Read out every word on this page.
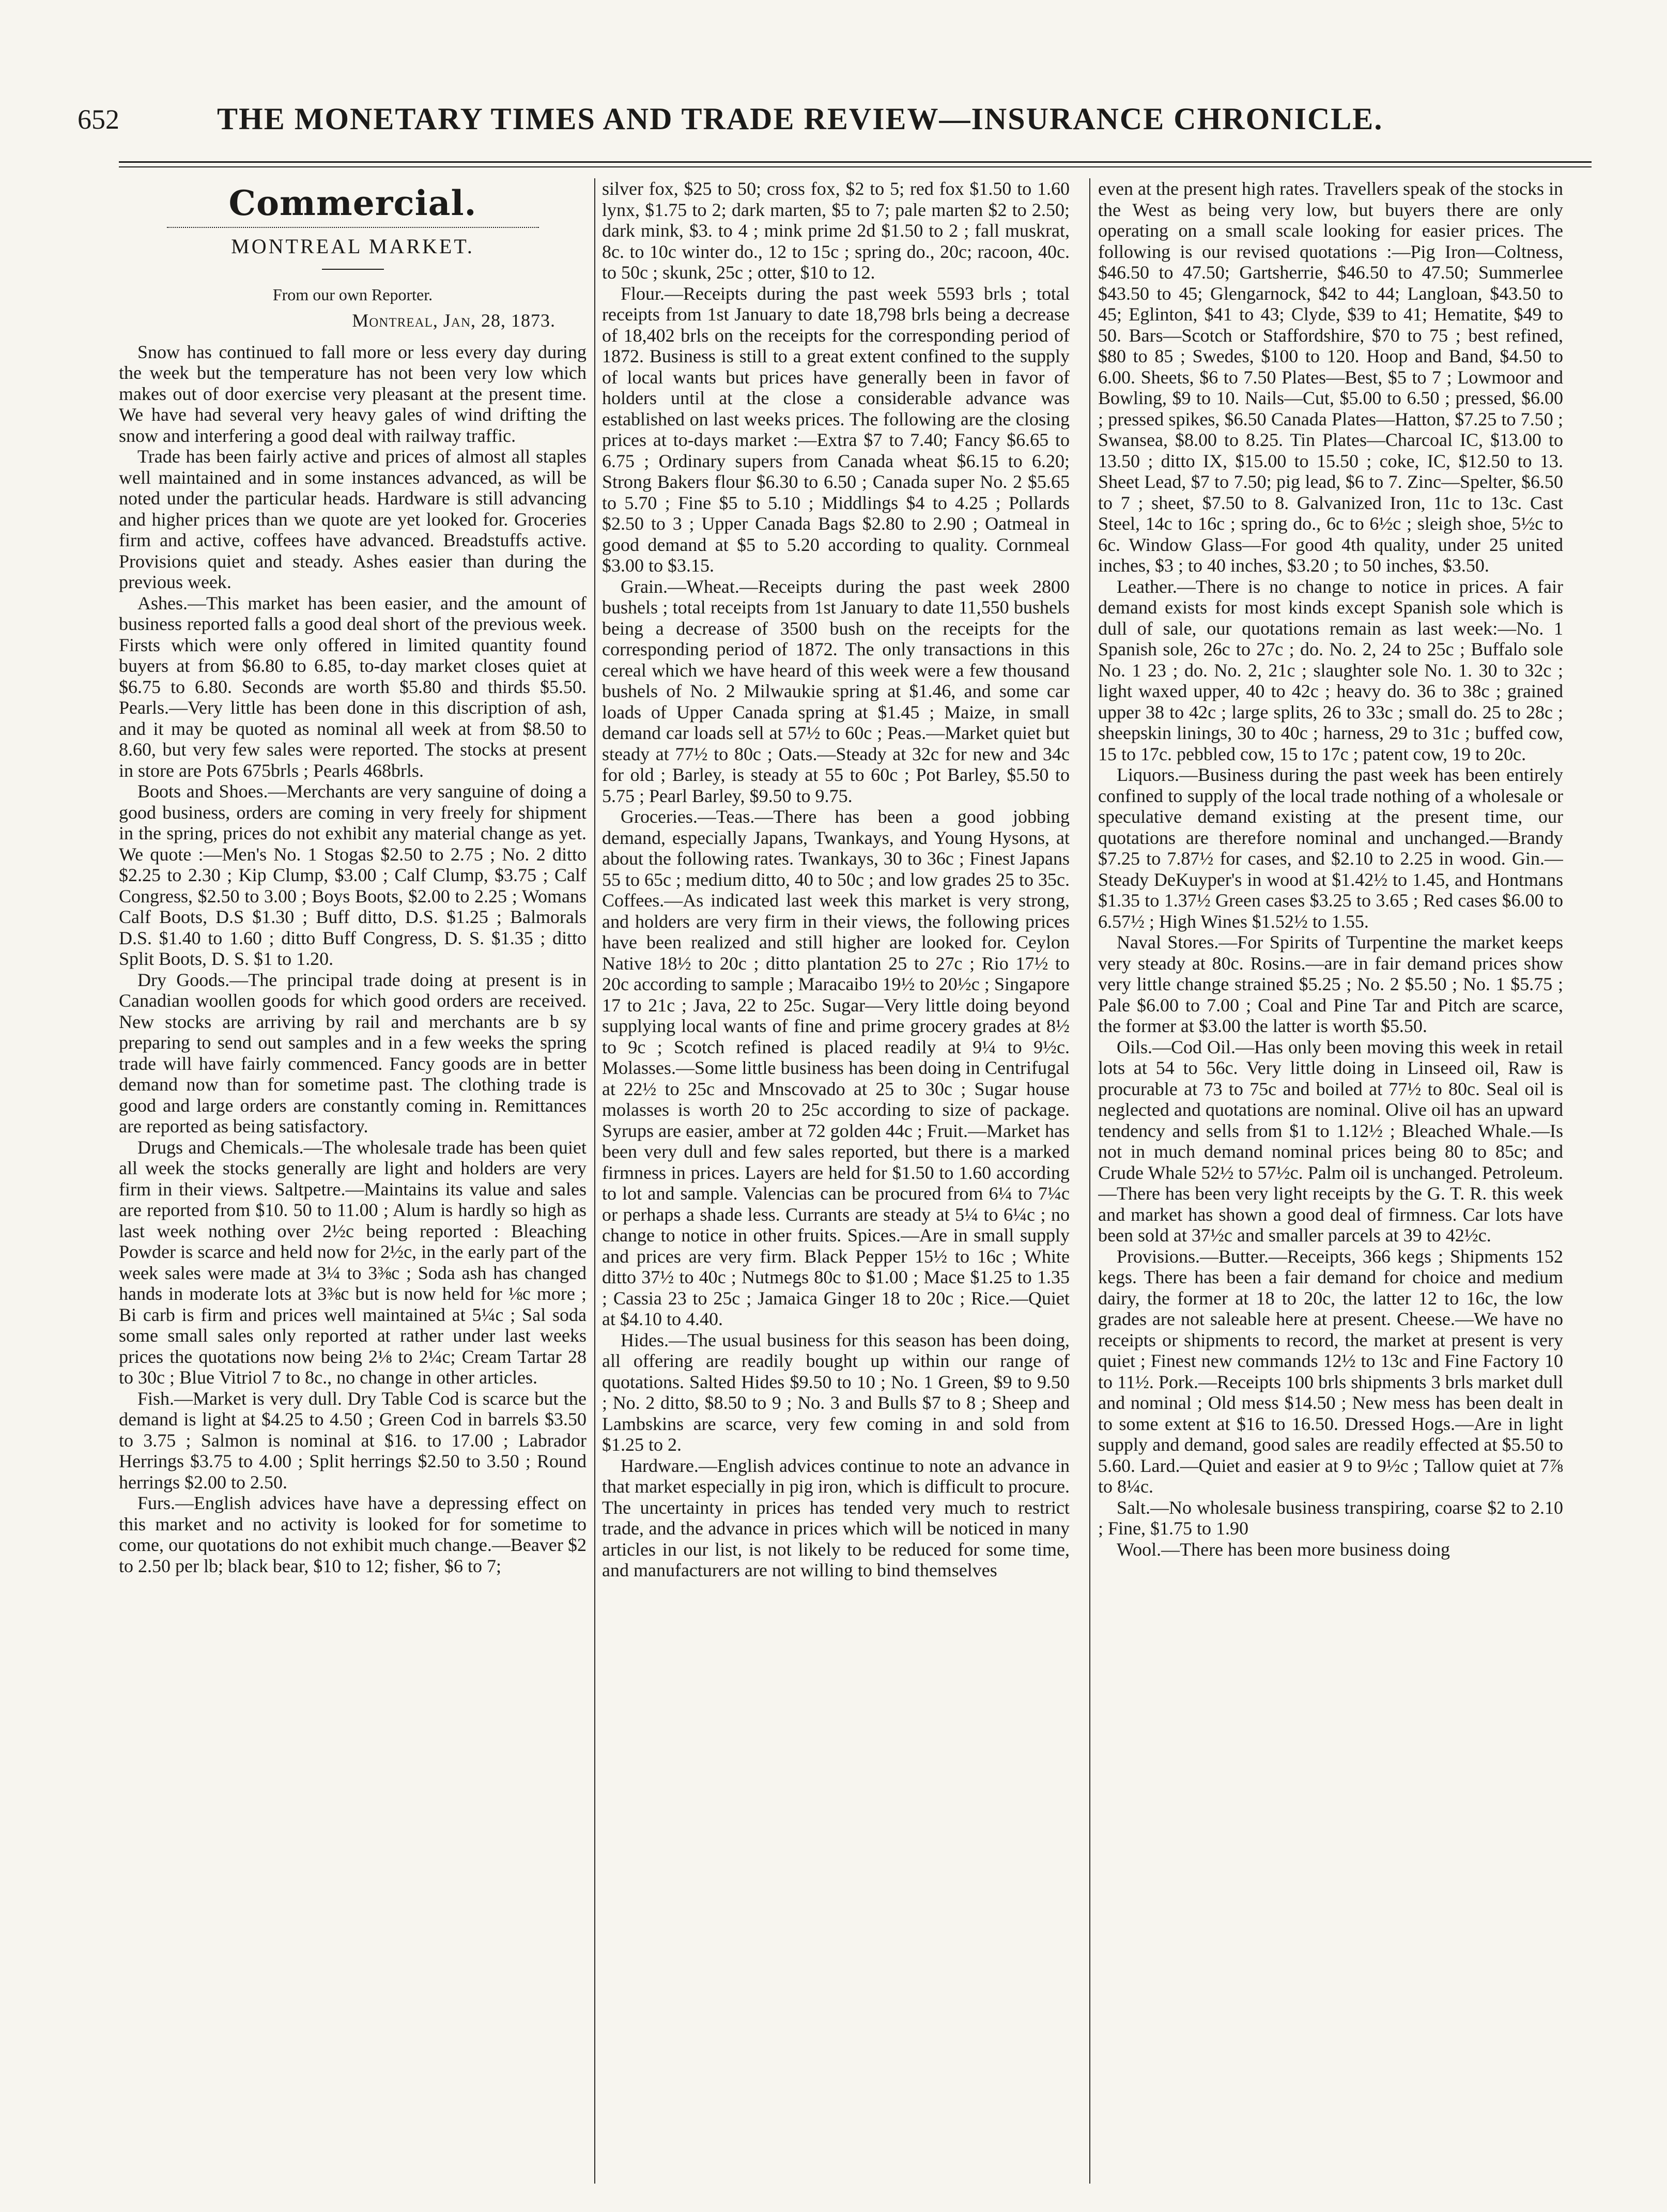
652	THE MONETARY TIMES AND TRADE REVIEW—INSURANCE CHRONICLE.
Commercial.
MONTREAL MARKET.
From our own Reporter.
Montreal, Jan, 28, 1873.

Snow has continued to fall more or less every day during the week but the temperature has not been very low which makes out of door exercise very pleasant at the present time. We have had several very heavy gales of wind drifting the snow and interfering a good deal with railway traffic.

Trade has been fairly active and prices of almost all staples well maintained and in some instances advanced, as will be noted under the particular heads. Hardware is still advancing and higher prices than we quote are yet looked for. Groceries firm and active, coffees have advanced. Breadstuffs active. Provisions quiet and steady. Ashes easier than during the previous week.

Ashes.—This market has been easier, and the amount of business reported falls a good deal short of the previous week. Firsts which were only offered in limited quantity found buyers at from $6.80 to 6.85, to-day market closes quiet at $6.75 to 6.80. Seconds are worth $5.80 and thirds $5.50. Pearls.—Very little has been done in this discription of ash, and it may be quoted as nominal all week at from $8.50 to 8.60, but very few sales were reported. The stocks at present in store are Pots 675brls ; Pearls 468brls.

Boots and Shoes.—Merchants are very sanguine of doing a good business, orders are coming in very freely for shipment in the spring, prices do not exhibit any material change as yet. We quote :—Men's No. 1 Stogas $2.50 to 2.75 ; No. 2 ditto $2.25 to 2.30 ; Kip Clump, $3.00 ; Calf Clump, $3.75 ; Calf Congress, $2.50 to 3.00 ; Boys Boots, $2.00 to 2.25 ; Womans Calf Boots, D.S $1.30 ; Buff ditto, D.S. $1.25 ; Balmorals D.S. $1.40 to 1.60 ; ditto Buff Congress, D. S. $1.35 ; ditto Split Boots, D. S. $1 to 1.20.

Dry Goods.—The principal trade doing at present is in Canadian woollen goods for which good orders are received. New stocks are arriving by rail and merchants are b sy preparing to send out samples and in a few weeks the spring trade will have fairly commenced. Fancy goods are in better demand now than for sometime past. The clothing trade is good and large orders are constantly coming in. Remittances are reported as being satisfactory.

Drugs and Chemicals.—The wholesale trade has been quiet all week the stocks generally are light and holders are very firm in their views. Saltpetre.—Maintains its value and sales are reported from $10. 50 to 11.00 ; Alum is hardly so high as last week nothing over 2½c being reported : Bleaching Powder is scarce and held now for 2½c, in the early part of the week sales were made at 3¼ to 3⅜c ; Soda ash has changed hands in moderate lots at 3⅜c but is now held for ⅛c more ; Bi carb is firm and prices well maintained at 5¼c ; Sal soda some small sales only reported at rather under last weeks prices the quotations now being 2⅛ to 2¼c; Cream Tartar 28 to 30c ; Blue Vitriol 7 to 8c., no change in other articles.

Fish.—Market is very dull. Dry Table Cod is scarce but the demand is light at $4.25 to 4.50 ; Green Cod in barrels $3.50 to 3.75 ; Salmon is nominal at $16. to 17.00 ; Labrador Herrings $3.75 to 4.00 ; Split herrings $2.50 to 3.50 ; Round herrings $2.00 to 2.50.

Furs.—English advices have have a depressing effect on this market and no activity is looked for for sometime to come, our quotations do not exhibit much change.—Beaver $2 to 2.50 per lb; black bear, $10 to 12; fisher, $6 to 7;

silver fox, $25 to 50; cross fox, $2 to 5; red fox $1.50 to 1.60 lynx, $1.75 to 2; dark marten, $5 to 7; pale marten $2 to 2.50; dark mink, $3. to 4 ; mink prime 2d $1.50 to 2 ; fall muskrat, 8c. to 10c winter do., 12 to 15c ; spring do., 20c; racoon, 40c. to 50c ; skunk, 25c ; otter, $10 to 12.

Flour.—Receipts during the past week 5593 brls ; total receipts from 1st January to date 18,798 brls being a decrease of 18,402 brls on the receipts for the corresponding period of 1872. Business is still to a great extent confined to the supply of local wants but prices have generally been in favor of holders until at the close a considerable advance was established on last weeks prices. The following are the closing prices at to-days market :—Extra $7 to 7.40; Fancy $6.65 to 6.75 ; Ordinary supers from Canada wheat $6.15 to 6.20; Strong Bakers flour $6.30 to 6.50 ; Canada super No. 2 $5.65 to 5.70 ; Fine $5 to 5.10 ; Middlings $4 to 4.25 ; Pollards $2.50 to 3 ; Upper Canada Bags $2.80 to 2.90 ; Oatmeal in good demand at $5 to 5.20 according to quality. Cornmeal $3.00 to $3.15.

Grain.—Wheat.—Receipts during the past week 2800 bushels ; total receipts from 1st January to date 11,550 bushels being a decrease of 3500 bush on the receipts for the corresponding period of 1872. The only transactions in this cereal which we have heard of this week were a few thousand bushels of No. 2 Milwaukie spring at $1.46, and some car loads of Upper Canada spring at $1.45 ; Maize, in small demand car loads sell at 57½ to 60c ; Peas.—Market quiet but steady at 77½ to 80c ; Oats.—Steady at 32c for new and 34c for old ; Barley, is steady at 55 to 60c ; Pot Barley, $5.50 to 5.75 ; Pearl Barley, $9.50 to 9.75.

Groceries.—Teas.—There has been a good jobbing demand, especially Japans, Twankays, and Young Hysons, at about the following rates. Twankays, 30 to 36c ; Finest Japans 55 to 65c ; medium ditto, 40 to 50c ; and low grades 25 to 35c. Coffees.—As indicated last week this market is very strong, and holders are very firm in their views, the following prices have been realized and still higher are looked for. Ceylon Native 18½ to 20c ; ditto plantation 25 to 27c ; Rio 17½ to 20c according to sample ; Maracaibo 19½ to 20½c ; Singapore 17 to 21c ; Java, 22 to 25c. Sugar—Very little doing beyond supplying local wants of fine and prime grocery grades at 8½ to 9c ; Scotch refined is placed readily at 9¼ to 9½c. Molasses.—Some little business has been doing in Centrifugal at 22½ to 25c and Mnscovado at 25 to 30c ; Sugar house molasses is worth 20 to 25c according to size of package. Syrups are easier, amber at 72 golden 44c ; Fruit.—Market has been very dull and few sales reported, but there is a marked firmness in prices. Layers are held for $1.50 to 1.60 according to lot and sample. Valencias can be procured from 6¼ to 7¼c or perhaps a shade less. Currants are steady at 5¼ to 6¼c ; no change to notice in other fruits. Spices.—Are in small supply and prices are very firm. Black Pepper 15½ to 16c ; White ditto 37½ to 40c ; Nutmegs 80c to $1.00 ; Mace $1.25 to 1.35 ; Cassia 23 to 25c ; Jamaica Ginger 18 to 20c ; Rice.—Quiet at $4.10 to 4.40.

Hides.—The usual business for this season has been doing, all offering are readily bought up within our range of quotations. Salted Hides $9.50 to 10 ; No. 1 Green, $9 to 9.50 ; No. 2 ditto, $8.50 to 9 ; No. 3 and Bulls $7 to 8 ; Sheep and Lambskins are scarce, very few coming in and sold from $1.25 to 2.

Hardware.—English advices continue to note an advance in that market especially in pig iron, which is difficult to procure. The uncertainty in prices has tended very much to restrict trade, and the advance in prices which will be noticed in many articles in our list, is not likely to be reduced for some time, and manufacturers are not willing to bind themselves

even at the present high rates. Travellers speak of the stocks in the West as being very low, but buyers there are only operating on a small scale looking for easier prices. The following is our revised quotations :—Pig Iron—Coltness, $46.50 to 47.50; Gartsherrie, $46.50 to 47.50; Summerlee $43.50 to 45; Glengarnock, $42 to 44; Langloan, $43.50 to 45; Eglinton, $41 to 43; Clyde, $39 to 41; Hematite, $49 to 50. Bars—Scotch or Staffordshire, $70 to 75 ; best refined, $80 to 85 ; Swedes, $100 to 120. Hoop and Band, $4.50 to 6.00. Sheets, $6 to 7.50 Plates—Best, $5 to 7 ; Lowmoor and Bowling, $9 to 10. Nails—Cut, $5.00 to 6.50 ; pressed, $6.00 ; pressed spikes, $6.50 Canada Plates—Hatton, $7.25 to 7.50 ; Swansea, $8.00 to 8.25. Tin Plates—Charcoal IC, $13.00 to 13.50 ; ditto IX, $15.00 to 15.50 ; coke, IC, $12.50 to 13. Sheet Lead, $7 to 7.50; pig lead, $6 to 7. Zinc—Spelter, $6.50 to 7 ; sheet, $7.50 to 8. Galvanized Iron, 11c to 13c. Cast Steel, 14c to 16c ; spring do., 6c to 6½c ; sleigh shoe, 5½c to 6c. Window Glass—For good 4th quality, under 25 united inches, $3 ; to 40 inches, $3.20 ; to 50 inches, $3.50.

Leather.—There is no change to notice in prices. A fair demand exists for most kinds except Spanish sole which is dull of sale, our quotations remain as last week:—No. 1 Spanish sole, 26c to 27c ; do. No. 2, 24 to 25c ; Buffalo sole No. 1 23 ; do. No. 2, 21c ; slaughter sole No. 1. 30 to 32c ; light waxed upper, 40 to 42c ; heavy do. 36 to 38c ; grained upper 38 to 42c ; large splits, 26 to 33c ; small do. 25 to 28c ; sheepskin linings, 30 to 40c ; harness, 29 to 31c ; buffed cow, 15 to 17c. pebbled cow, 15 to 17c ; patent cow, 19 to 20c.

Liquors.—Business during the past week has been entirely confined to supply of the local trade nothing of a wholesale or speculative demand existing at the present time, our quotations are therefore nominal and unchanged.—Brandy $7.25 to 7.87½ for cases, and $2.10 to 2.25 in wood. Gin.—Steady DeKuyper's in wood at $1.42½ to 1.45, and Hontmans $1.35 to 1.37½ Green cases $3.25 to 3.65 ; Red cases $6.00 to 6.57½ ; High Wines $1.52½ to 1.55.

Naval Stores.—For Spirits of Turpentine the market keeps very steady at 80c. Rosins.—are in fair demand prices show very little change strained $5.25 ; No. 2 $5.50 ; No. 1 $5.75 ; Pale $6.00 to 7.00 ; Coal and Pine Tar and Pitch are scarce, the former at $3.00 the latter is worth $5.50.

Oils.—Cod Oil.—Has only been moving this week in retail lots at 54 to 56c. Very little doing in Linseed oil, Raw is procurable at 73 to 75c and boiled at 77½ to 80c. Seal oil is neglected and quotations are nominal. Olive oil has an upward tendency and sells from $1 to 1.12½ ; Bleached Whale.—Is not in much demand nominal prices being 80 to 85c; and Crude Whale 52½ to 57½c. Palm oil is unchanged. Petroleum.—There has been very light receipts by the G. T. R. this week and market has shown a good deal of firmness. Car lots have been sold at 37½c and smaller parcels at 39 to 42½c.

Provisions.—Butter.—Receipts, 366 kegs ; Shipments 152 kegs. There has been a fair demand for choice and medium dairy, the former at 18 to 20c, the latter 12 to 16c, the low grades are not saleable here at present. Cheese.—We have no receipts or shipments to record, the market at present is very quiet ; Finest new commands 12½ to 13c and Fine Factory 10 to 11½. Pork.—Receipts 100 brls shipments 3 brls market dull and nominal ; Old mess $14.50 ; New mess has been dealt in to some extent at $16 to 16.50. Dressed Hogs.—Are in light supply and demand, good sales are readily effected at $5.50 to 5.60. Lard.—Quiet and easier at 9 to 9½c ; Tallow quiet at 7⅞ to 8¼c.

Salt.—No wholesale business transpiring, coarse $2 to 2.10 ; Fine, $1.75 to 1.90

Wool.—There has been more business doing
